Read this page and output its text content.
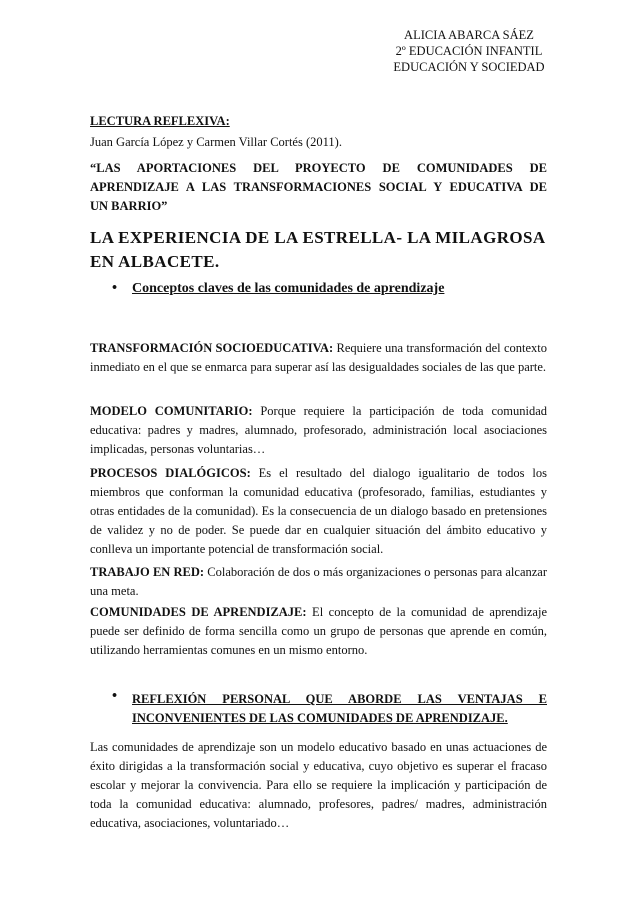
ALICIA ABARCA SÁEZ
2º EDUCACIÓN INFANTIL
EDUCACIÓN Y SOCIEDAD
LECTURA REFLEXIVA:
Juan García López y Carmen Villar Cortés (2011).
“LAS APORTACIONES DEL PROYECTO DE COMUNIDADES DE
APRENDIZAJE A LAS TRANSFORMACIONES SOCIAL Y EDUCATIVA DE
UN BARRIO”
LA EXPERIENCIA DE LA ESTRELLA- LA MILAGROSA EN ALBACETE.
• Conceptos claves de las comunidades de aprendizaje
TRANSFORMACIÓN SOCIOEDUCATIVA: Requiere una transformación del contexto inmediato en el que se enmarca para superar así las desigualdades sociales de las que parte.
MODELO COMUNITARIO: Porque requiere la participación de toda comunidad educativa: padres y madres, alumnado, profesorado, administración local asociaciones implicadas, personas voluntarias…
PROCESOS DIALÓGICOS: Es el resultado del dialogo igualitario de todos los miembros que conforman la comunidad educativa (profesorado, familias, estudiantes y otras entidades de la comunidad). Es la consecuencia de un dialogo basado en pretensiones de validez y no de poder. Se puede dar en cualquier situación del ámbito educativo y conlleva un importante potencial de transformación social.
TRABAJO EN RED: Colaboración de dos o más organizaciones o personas para alcanzar una meta.
COMUNIDADES DE APRENDIZAJE: El concepto de la comunidad de aprendizaje puede ser definido de forma sencilla como un grupo de personas que aprende en común, utilizando herramientas comunes en un mismo entorno.
• REFLEXIÓN PERSONAL QUE ABORDE LAS VENTAJAS E
INCONVENIENTES DE LAS COMUNIDADES DE APRENDIZAJE.
Las comunidades de aprendizaje son un modelo educativo basado en unas actuaciones de éxito dirigidas a la transformación social y educativa, cuyo objetivo es superar el fracaso escolar y mejorar la convivencia. Para ello se requiere la implicación y participación de toda la comunidad educativa: alumnado, profesores, padres/ madres, administración educativa, asociaciones, voluntariado…
